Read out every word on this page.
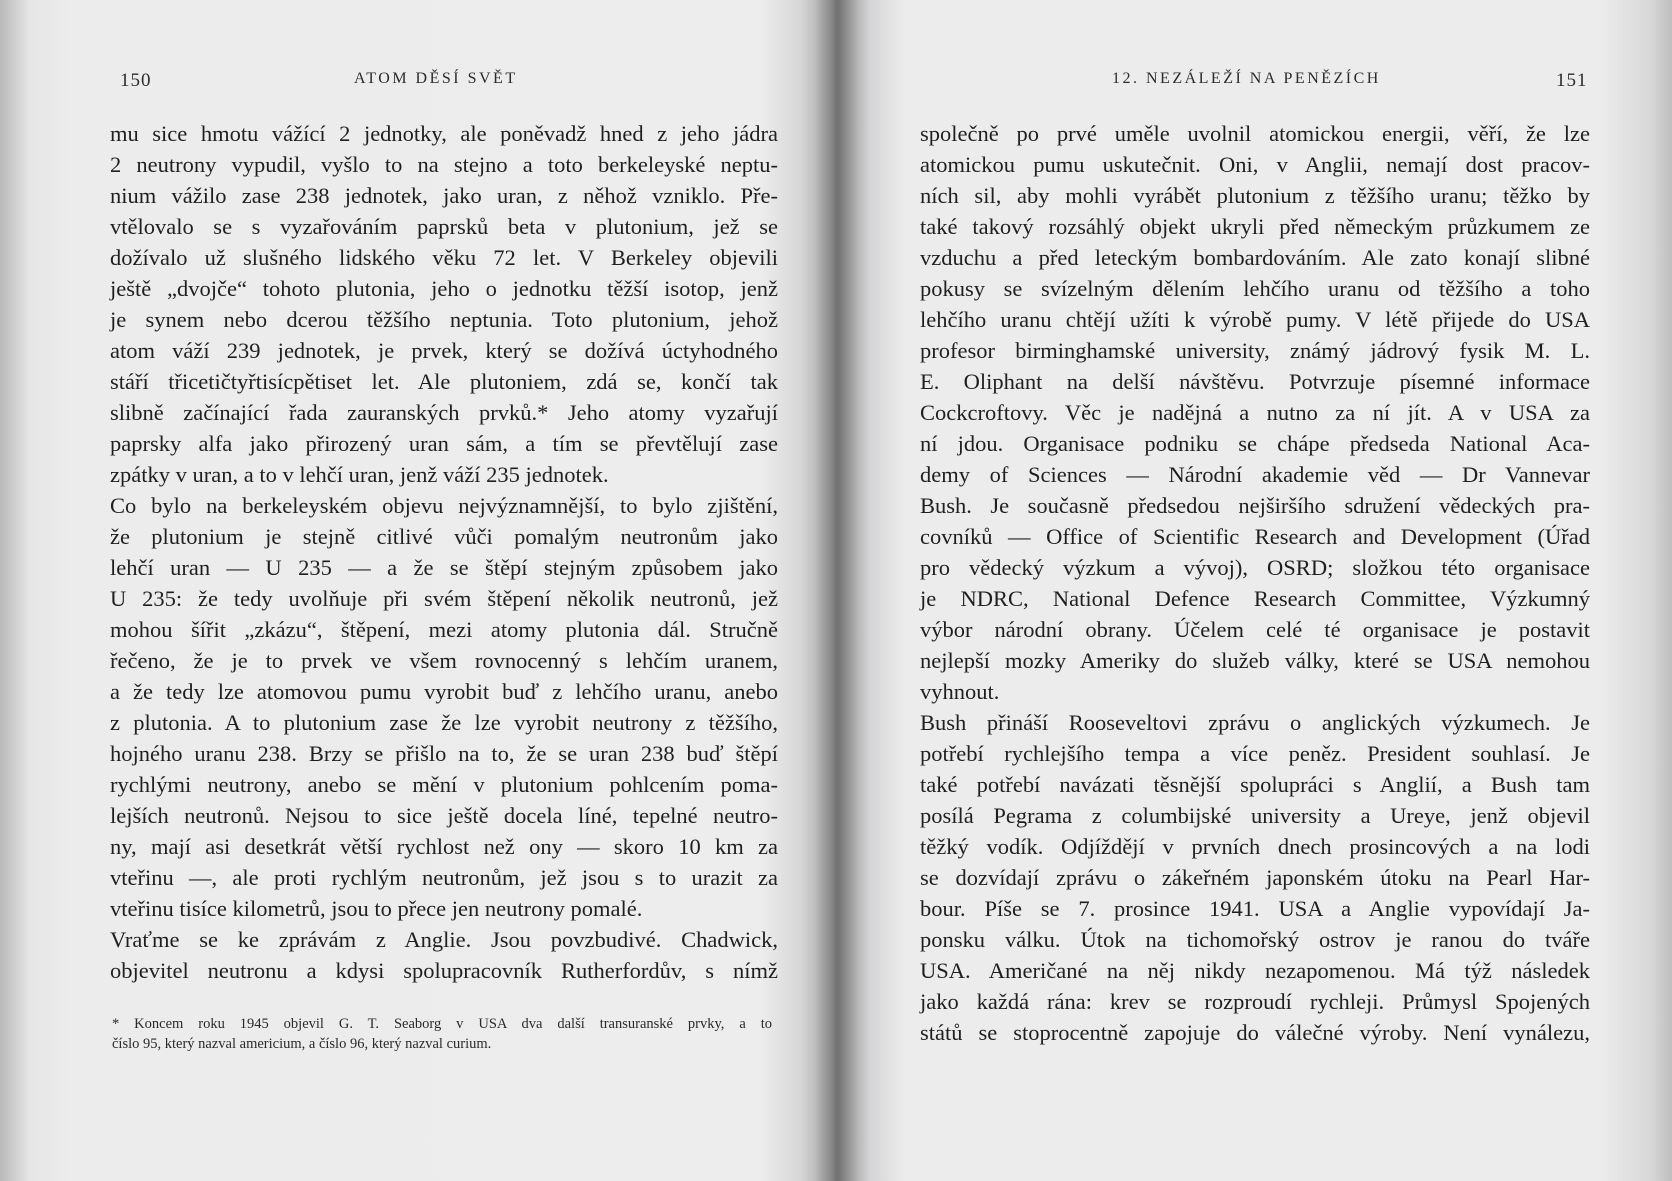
150	ATOM DĚSÍ SVĚT
mu sice hmotu vážící 2 jednotky, ale poněvadž hned z jeho jádra
2 neutrony vypudil, vyšlo to na stejno a toto berkeleyské neptu-
nium vážilo zase 238 jednotek, jako uran, z něhož vzniklo. Pře-
vtělovalo se s vyzařováním paprsků beta v plutonium, jež se
dožívalo už slušného lidského věku 72 let. V Berkeley objevili
ještě „dvojče“ tohoto plutonia, jeho o jednotku těžší isotop, jenž
je synem nebo dcerou těžšího neptunia. Toto plutonium, jehož
atom váží 239 jednotek, je prvek, který se dožívá úctyhodného
stáří třicetičtyřtisícpětiset let. Ale plutoniem, zdá se, končí tak
slibně začínající řada zauranských prvků.* Jeho atomy vyzařují
paprsky alfa jako přirozený uran sám, a tím se převtělují zase
zpátky v uran, a to v lehčí uran, jenž váží 235 jednotek.
Co bylo na berkeleyském objevu nejvýznamnější, to bylo zjištění,
že plutonium je stejně citlivé vůči pomalým neutronům jako
lehčí uran — U 235 — a že se štěpí stejným způsobem jako
U 235: že tedy uvolňuje při svém štěpení několik neutronů, jež
mohou šířit „zkázu“, štěpení, mezi atomy plutonia dál. Stručně
řečeno, že je to prvek ve všem rovnocenný s lehčím uranem,
a že tedy lze atomovou pumu vyrobit buď z lehčího uranu, anebo
z plutonia. A to plutonium zase že lze vyrobit neutrony z těžšího,
hojného uranu 238. Brzy se přišlo na to, že se uran 238 buď štěpí
rychlými neutrony, anebo se mění v plutonium pohlcením poma-
lejších neutronů. Nejsou to sice ještě docela líné, tepelné neutro-
ny, mají asi desetkrát větší rychlost než ony — skoro 10 km za
vteřinu —, ale proti rychlým neutronům, jež jsou s to urazit za
vteřinu tisíce kilometrů, jsou to přece jen neutrony pomalé.
Vraťme se ke zprávám z Anglie. Jsou povzbudivé. Chadwick,
objevitel neutronu a kdysi spolupracovník Rutherfordův, s nímž
* Koncem roku 1945 objevil G. T. Seaborg v USA dva další transuranské prvky, a to
číslo 95, který nazval americium, a číslo 96, který nazval curium.
12. NEZÁLEŽÍ NA PENĚZÍCH	151
společně po prvé uměle uvolnil atomickou energii, věří, že lze
atomickou pumu uskutečnit. Oni, v Anglii, nemají dost pracov-
ních sil, aby mohli vyrábět plutonium z těžšího uranu; těžko by
také takový rozsáhlý objekt ukryli před německým průzkumem ze
vzduchu a před leteckým bombardováním. Ale zato konají slibné
pokusy se svízelným dělením lehčího uranu od těžšího a toho
lehčího uranu chtějí užíti k výrobě pumy. V létě přijede do USA
profesor birminghamské university, známý jádrový fysik M. L.
E. Oliphant na delší návštěvu. Potvrzuje písemné informace
Cockcroftovy. Věc je nadějná a nutno za ní jít. A v USA za
ní jdou. Organisace podniku se chápe předseda National Aca-
demy of Sciences — Národní akademie věd — Dr Vannevar
Bush. Je současně předsedou nejširšího sdružení vědeckých pra-
covníků — Office of Scientific Research and Development (Úřad
pro vědecký výzkum a vývoj), OSRD; složkou této organisace
je NDRC, National Defence Research Committee, Výzkumný
výbor národní obrany. Účelem celé té organisace je postavit
nejlepší mozky Ameriky do služeb války, které se USA nemohou
vyhnout.
Bush přináší Rooseveltovi zprávu o anglických výzkumech. Je
potřebí rychlejšího tempa a více peněz. President souhlasí. Je
také potřebí navázati těsnější spolupráci s Anglií, a Bush tam
posílá Pegrama z columbijské university a Ureye, jenž objevil
těžký vodík. Odjíždějí v prvních dnech prosincových a na lodi
se dozvídají zprávu o zákeřném japonském útoku na Pearl Har-
bour. Píše se 7. prosince 1941. USA a Anglie vypovídají Ja-
ponsku válku. Útok na tichomořský ostrov je ranou do tváře
USA. Američané na něj nikdy nezapomenou. Má týž následek
jako každá rána: krev se rozproudí rychleji. Průmysl Spojených
států se stoprocentně zapojuje do válečné výroby. Není vynálezu,
